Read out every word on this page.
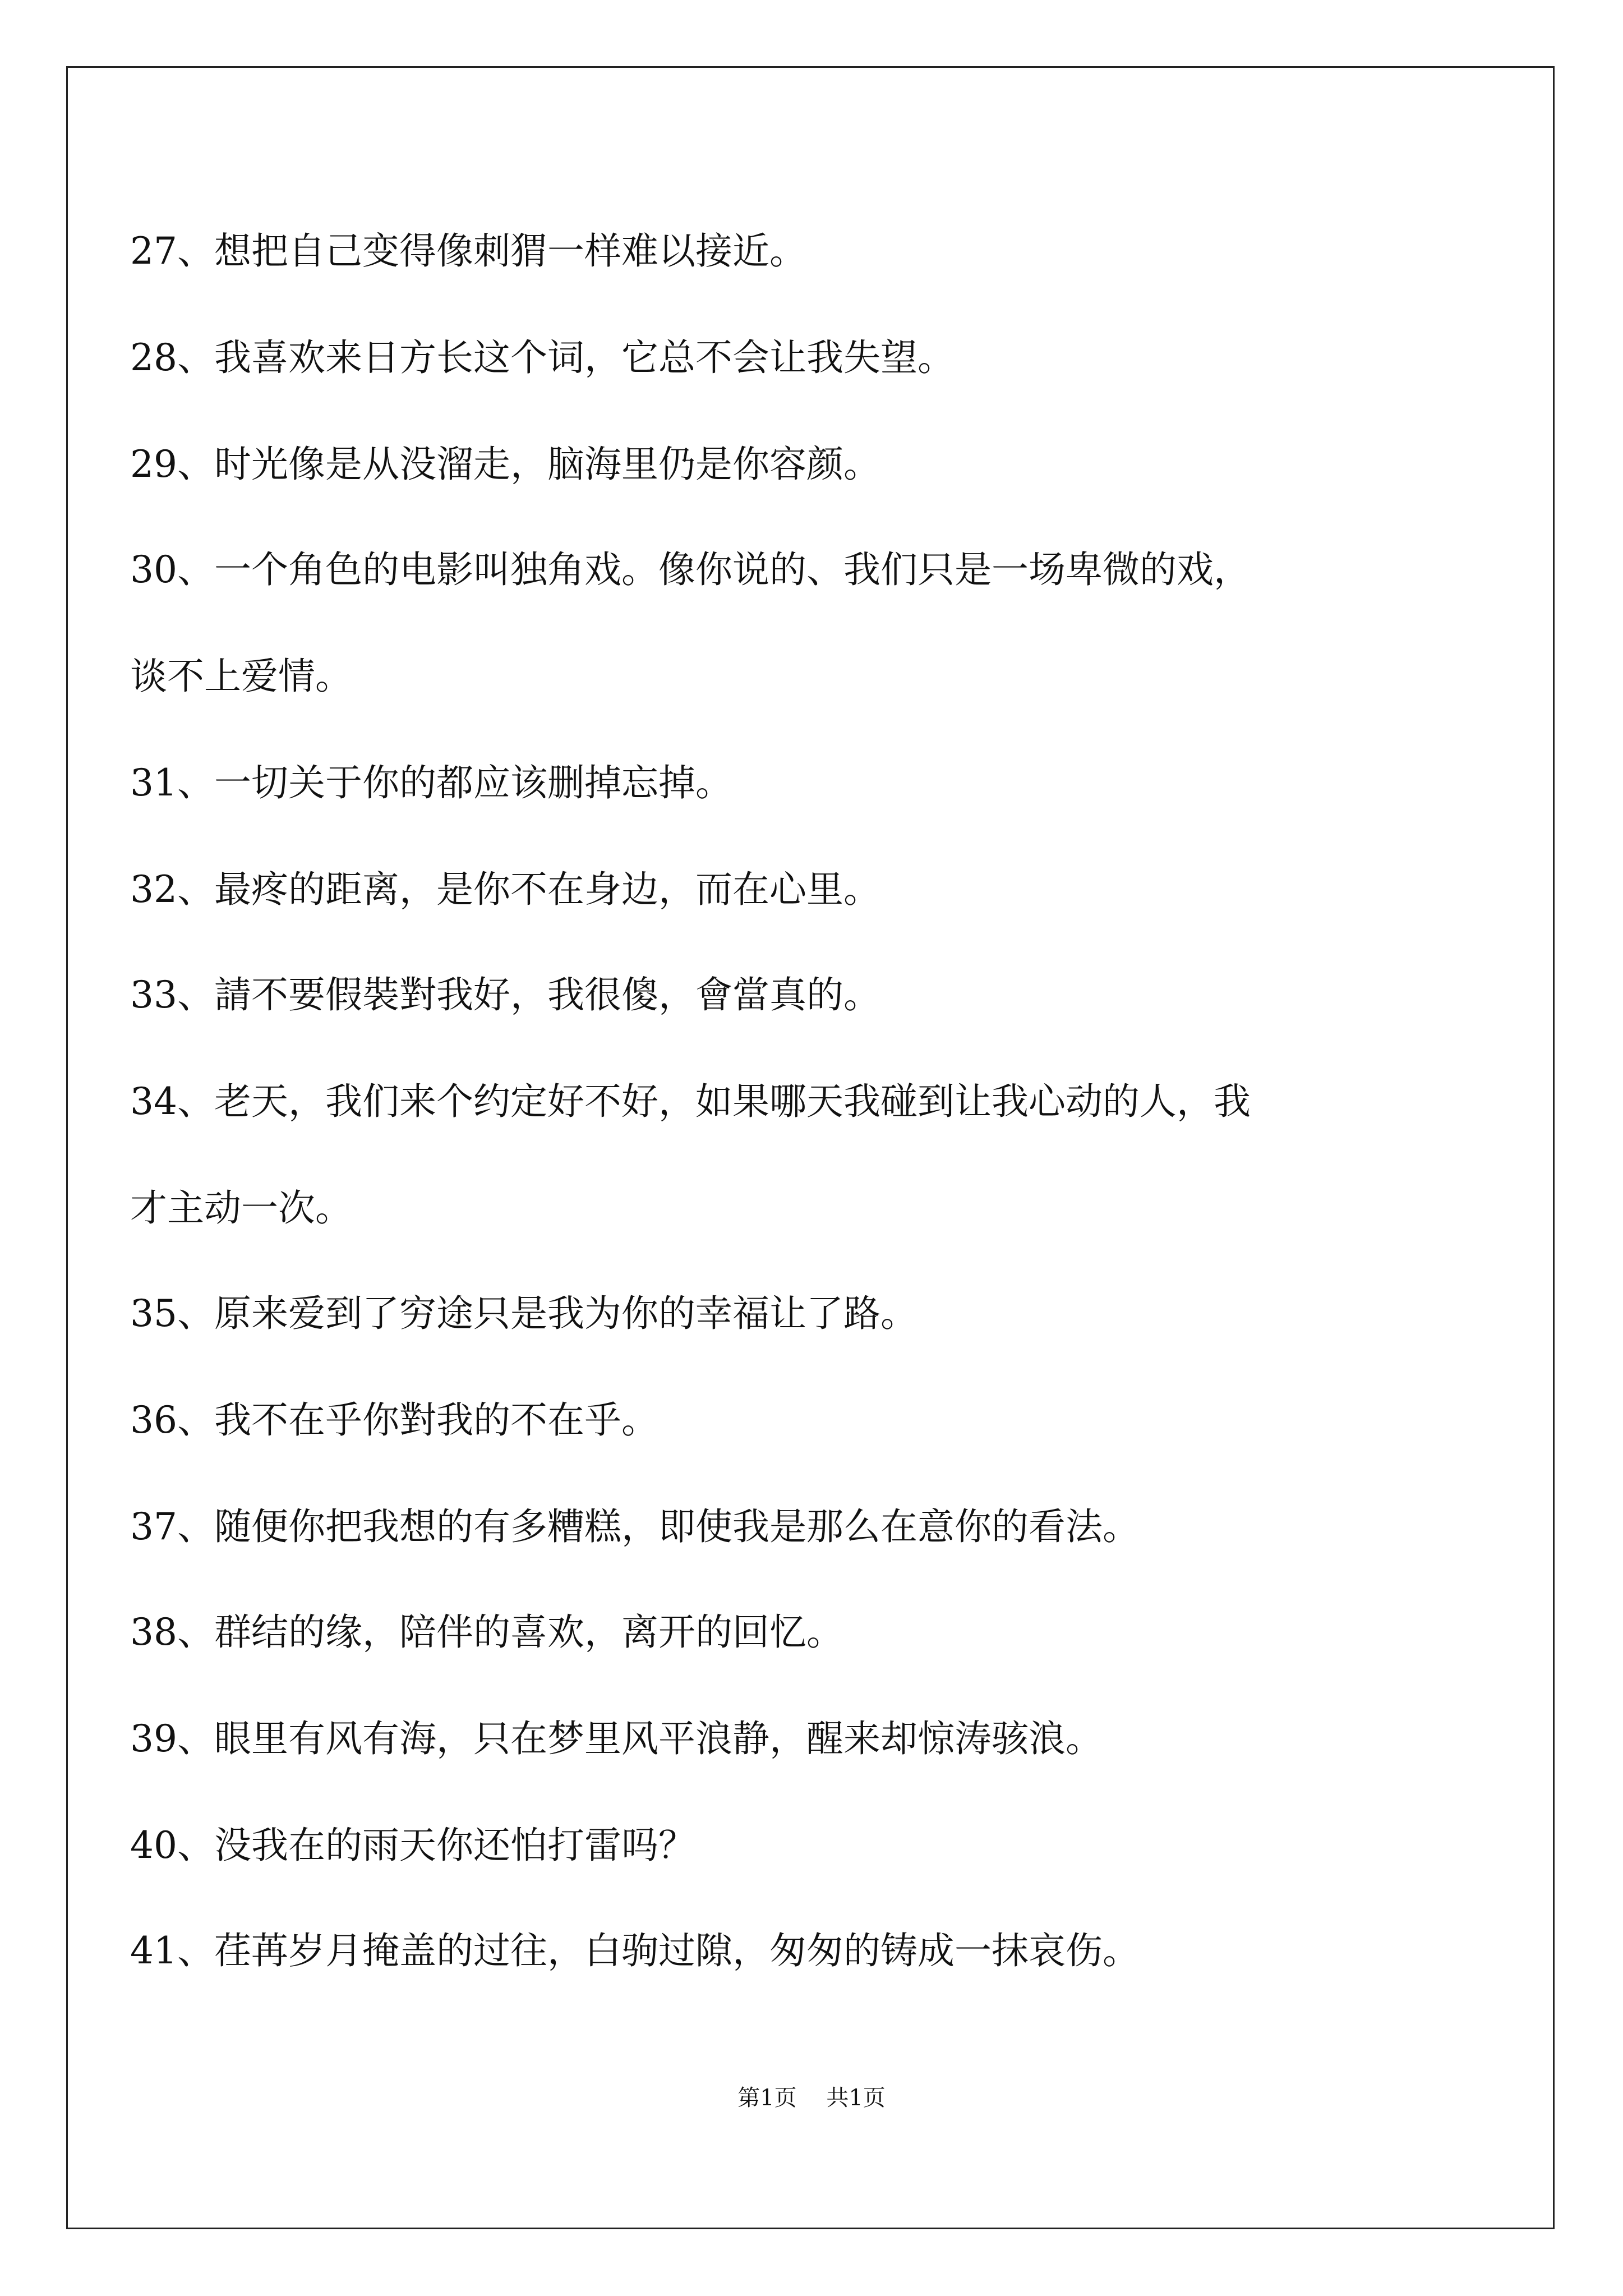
27、想把自己变得像刺猬一样难以接近。

28、我喜欢来日方长这个词，它总不会让我失望。

29、时光像是从没溜走，脑海里仍是你容颜。

30、一个角色的电影叫独角戏。像你说的、我们只是一场卑微的戏，

谈不上爱情。

31、一切关于你的都应该删掉忘掉。

32、最疼的距离，是你不在身边，而在心里。

33、請不要假裝對我好，我很傻，會當真的。

34、老天，我们来个约定好不好，如果哪天我碰到让我心动的人，我

才主动一次。

35、原来爱到了穷途只是我为你的幸福让了路。

36、我不在乎你對我的不在乎。

37、随便你把我想的有多糟糕，即使我是那么在意你的看法。

38、群结的缘，陪伴的喜欢，离开的回忆。

39、眼里有风有海，只在梦里风平浪静，醒来却惊涛骇浪。

40、没我在的雨天你还怕打雷吗？

41、荏苒岁月掩盖的过往，白驹过隙，匆匆的铸成一抹哀伤。

第1页 共1页
